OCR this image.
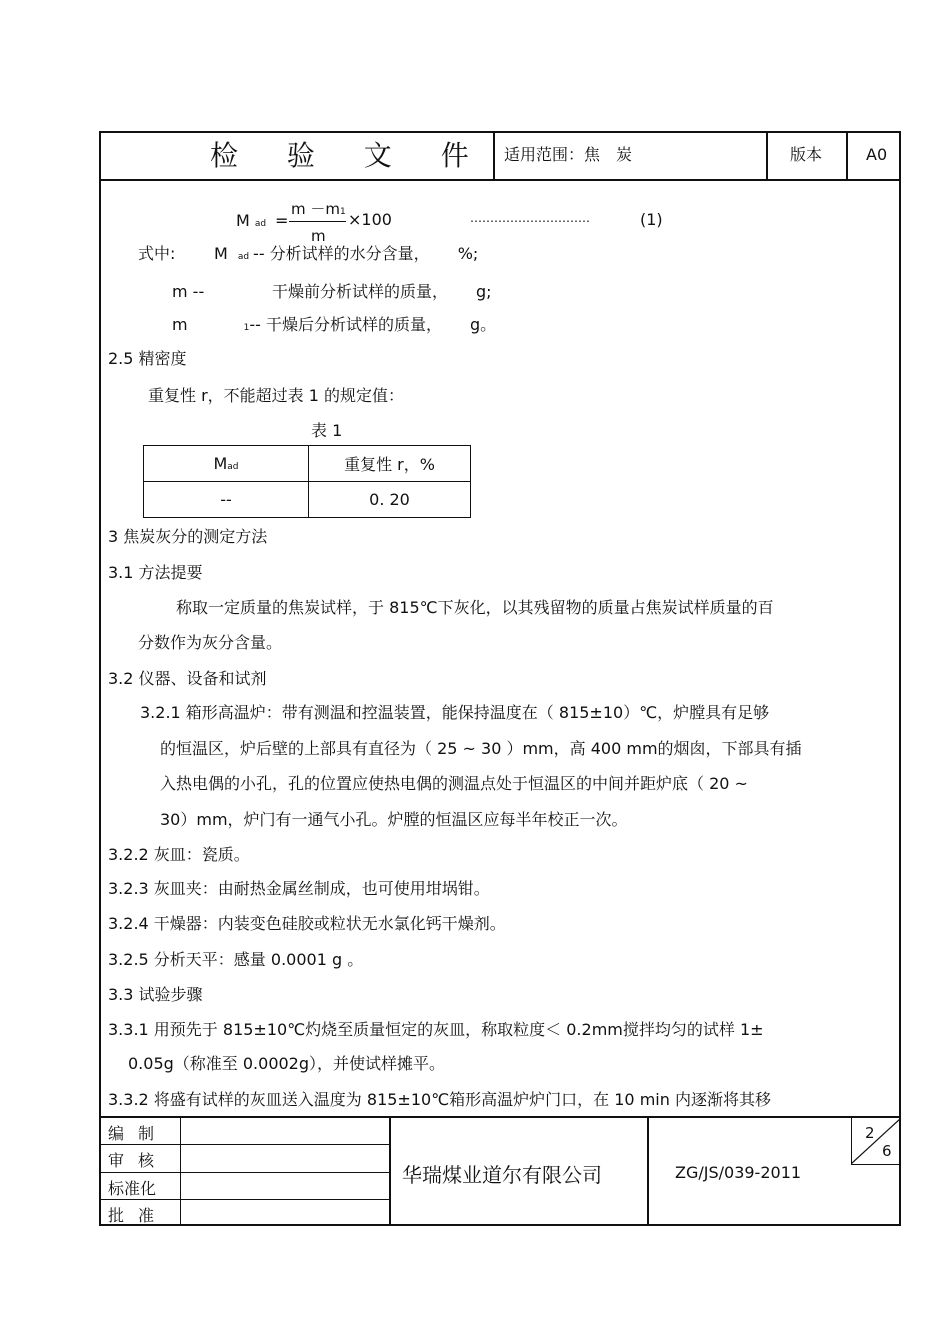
检 验 文 件 适用范围：焦　炭	版本	A0
Mad =
m －m1
m
×100	…………………………	(1)
式中: M ad -- 分析试样的水分含量， %;
m --	干燥前分析试样的质量， g;
m	1-- 干燥后分析试样的质量， g。
2.5 精密度
重复性 r，不能超过表 1 的规定值：
表 1
Mad	重复性 r，%
--	0. 20
3 焦炭灰分的测定方法
3.1 方法提要
称取一定质量的焦炭试样，于 815℃下灰化，以其残留物的质量占焦炭试样质量的百
分数作为灰分含量。
3.2 仪器、设备和试剂
3.2.1 箱形高温炉：带有测温和控温装置，能保持温度在（ 815±10）℃，炉膛具有足够
的恒温区，炉后壁的上部具有直径为（ 25 ~ 30 ）mm，高 400 mm的烟囱，下部具有插
入热电偶的小孔，孔的位置应使热电偶的测温点处于恒温区的中间并距炉底（ 20 ~
30）mm，炉门有一通气小孔。炉膛的恒温区应每半年校正一次。
3.2.2 灰皿：瓷质。
3.2.3 灰皿夹：由耐热金属丝制成，也可使用坩埚钳。
3.2.4 干燥器：内装变色硅胶或粒状无水氯化钙干燥剂。
3.2.5 分析天平：感量 0.0001 g 。
3.3 试验步骤
3.3.1 用预先于 815±10℃灼烧至质量恒定的灰皿，称取粒度＜ 0.2mm搅拌均匀的试样 1±
0.05g（称准至 0.0002g），并使试样摊平。
3.3.2 将盛有试样的灰皿送入温度为 815±10℃箱形高温炉炉门口，在 10 min 内逐渐将其移
编制
审核
标准化
批准
华瑞煤业道尔有限公司	ZG/JS/039-2011
2
6
